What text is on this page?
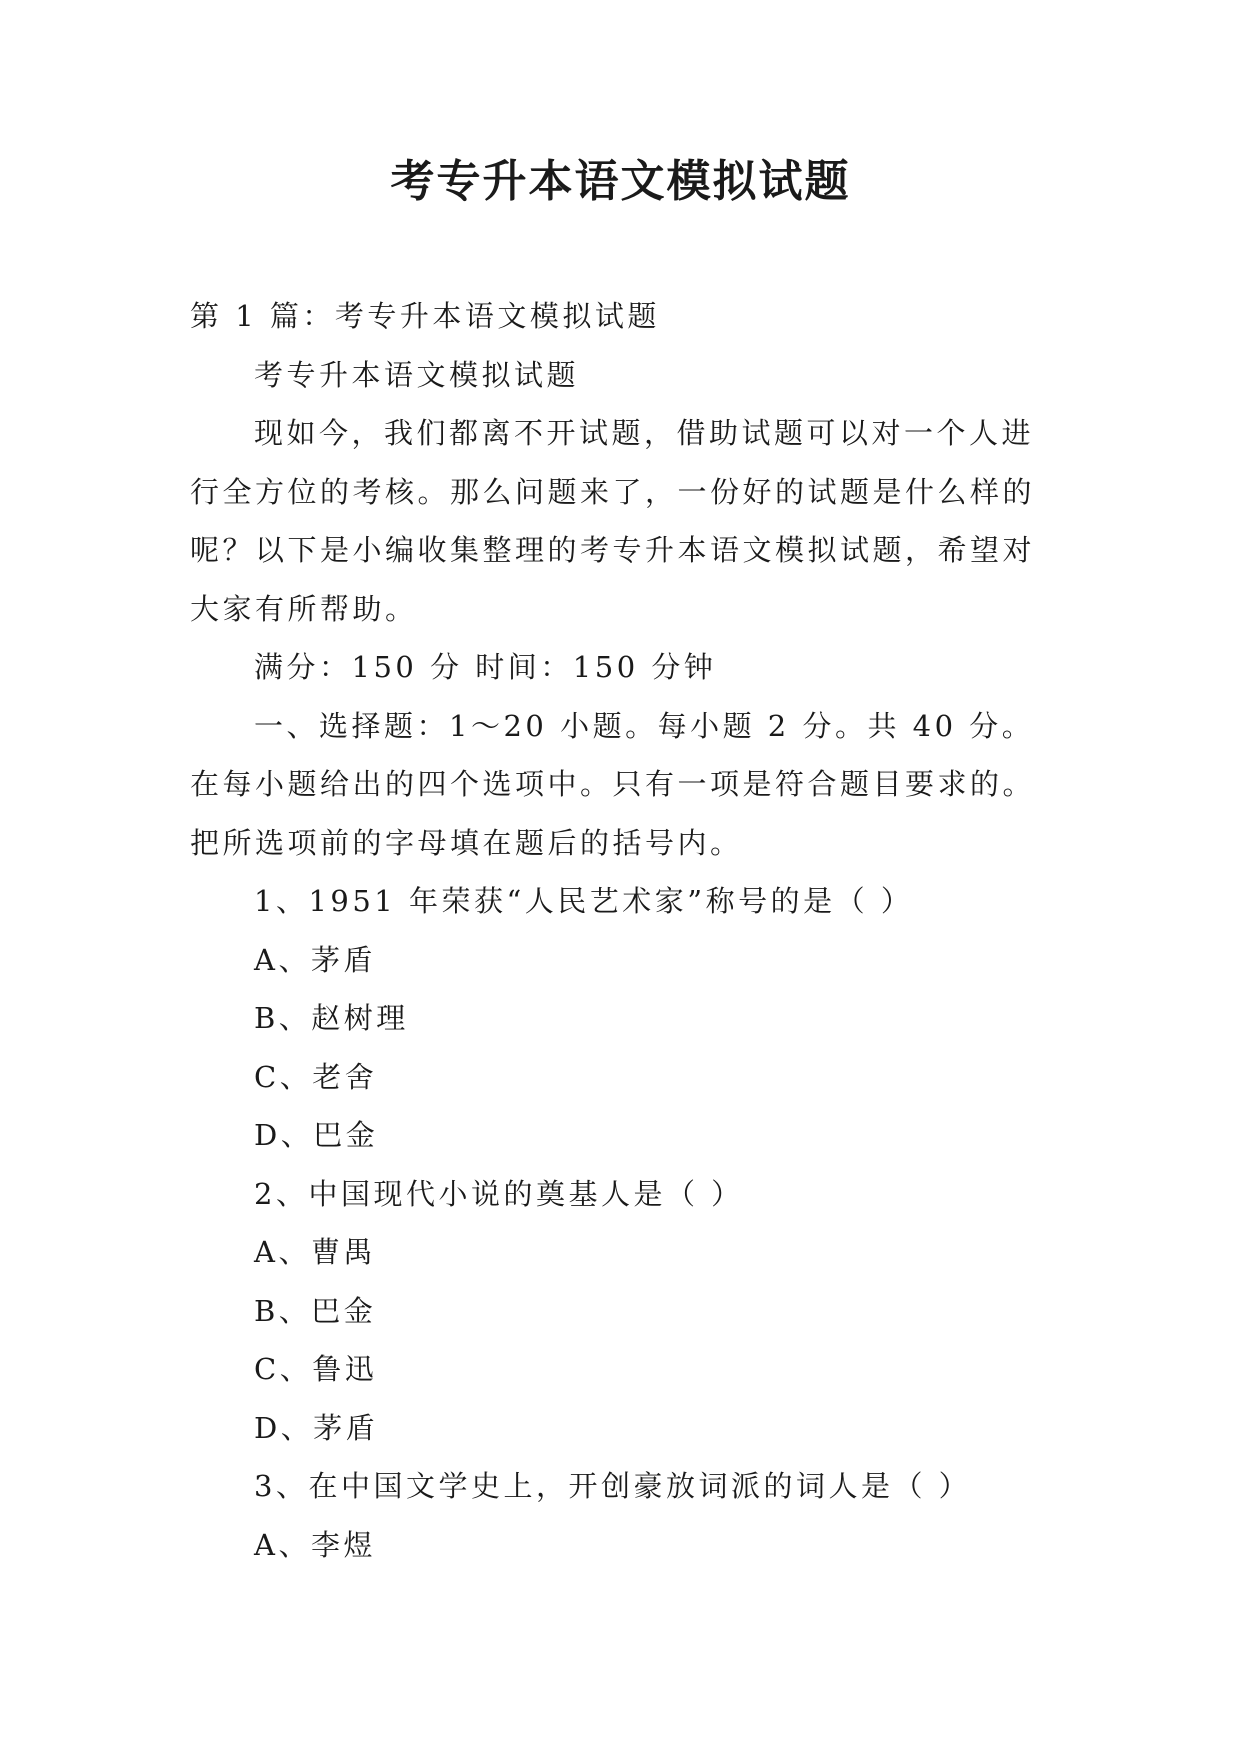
考专升本语文模拟试题

第 1 篇：考专升本语文模拟试题

考专升本语文模拟试题

现如今，我们都离不开试题，借助试题可以对一个人进行全方位的考核。那么问题来了，一份好的试题是什么样的呢？以下是小编收集整理的考专升本语文模拟试题，希望对大家有所帮助。

满分：150 分 时间：150 分钟

一、选择题：1～20 小题。每小题 2 分。共 40 分。在每小题给出的四个选项中。只有一项是符合题目要求的。把所选项前的字母填在题后的括号内。

1、1951 年荣获“人民艺术家”称号的是（ ）

A、茅盾

B、赵树理

C、老舍

D、巴金

2、中国现代小说的奠基人是（ ）

A、曹禺

B、巴金

C、鲁迅

D、茅盾

3、在中国文学史上，开创豪放词派的词人是（ ）

A、李煜
